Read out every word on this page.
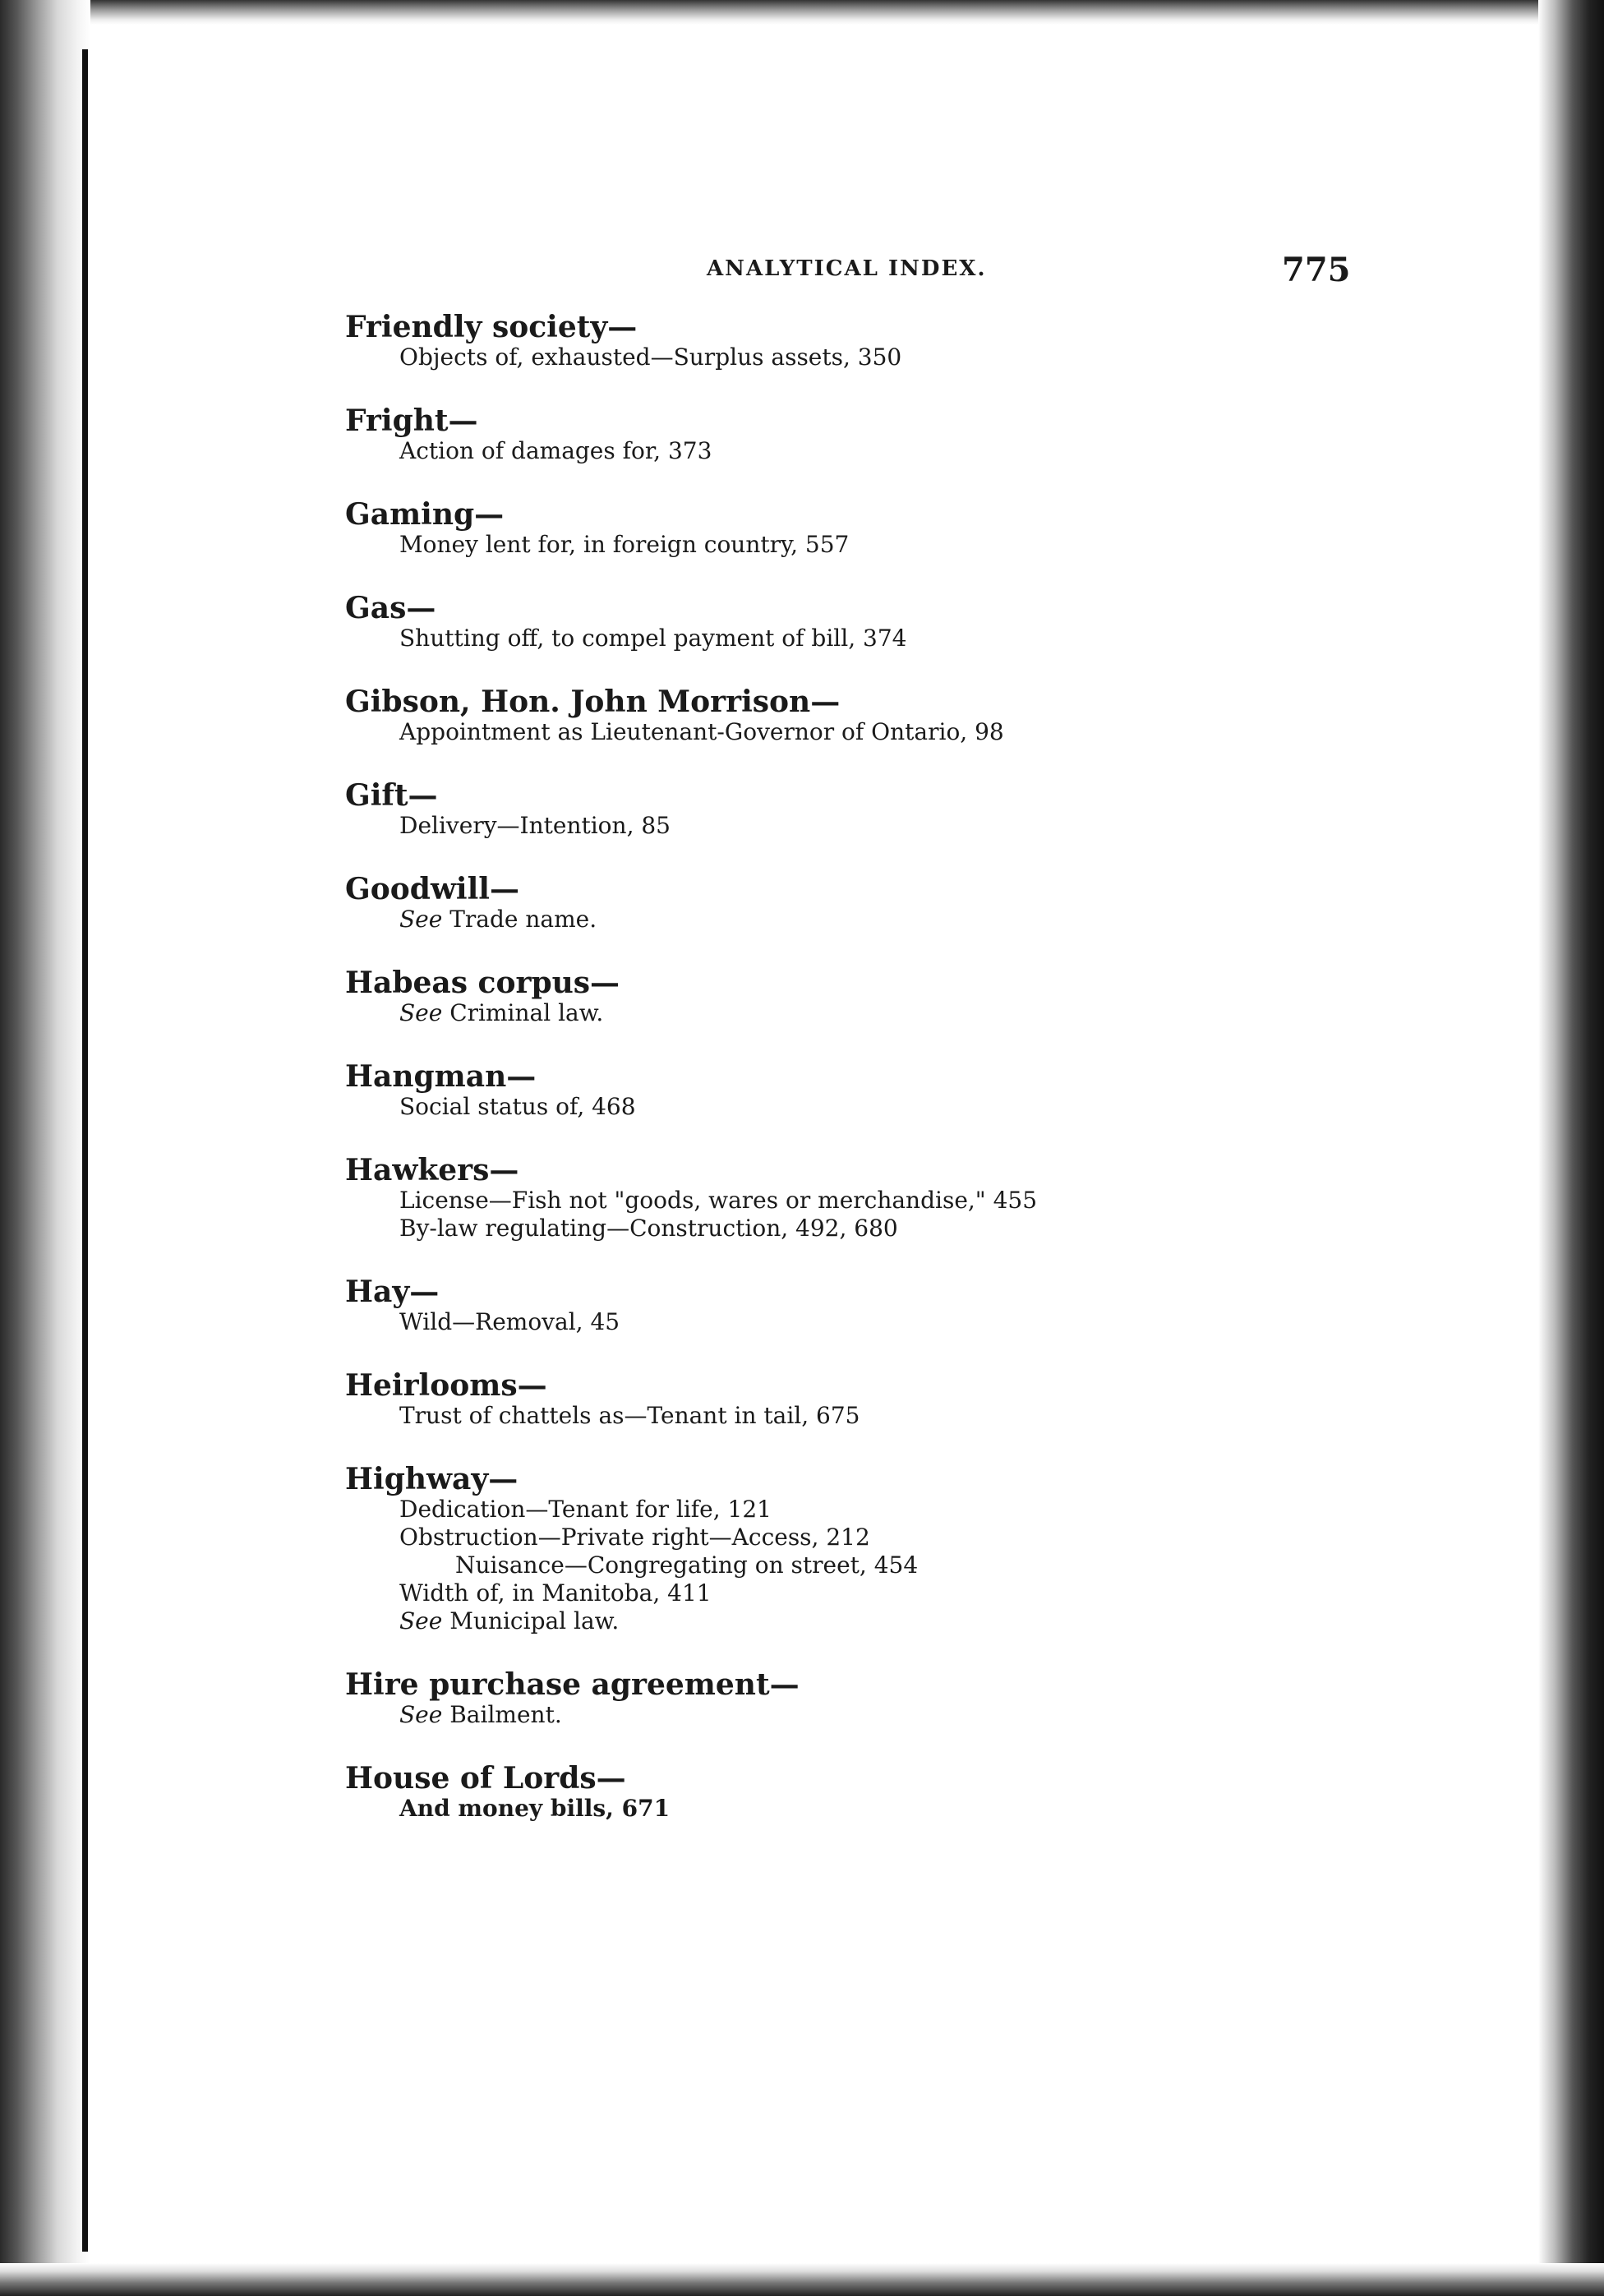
ANALYTICAL INDEX.	775
Friendly society—
Objects of, exhausted—Surplus assets, 350
Fright—
Action of damages for, 373
Gaming—
Money lent for, in foreign country, 557
Gas—
Shutting off, to compel payment of bill, 374
Gibson, Hon. John Morrison—
Appointment as Lieutenant-Governor of Ontario, 98
Gift—
Delivery—Intention, 85
Goodwill—
See Trade name.
Habeas corpus—
See Criminal law.
Hangman—
Social status of, 468
Hawkers—
License—Fish not "goods, wares or merchandise," 455
By-law regulating—Construction, 492, 680
Hay—
Wild—Removal, 45
Heirlooms—
Trust of chattels as—Tenant in tail, 675
Highway—
Dedication—Tenant for life, 121
Obstruction—Private right—Access, 212
Nuisance—Congregating on street, 454
Width of, in Manitoba, 411
See Municipal law.
Hire purchase agreement—
See Bailment.
House of Lords—
And money bills, 671
